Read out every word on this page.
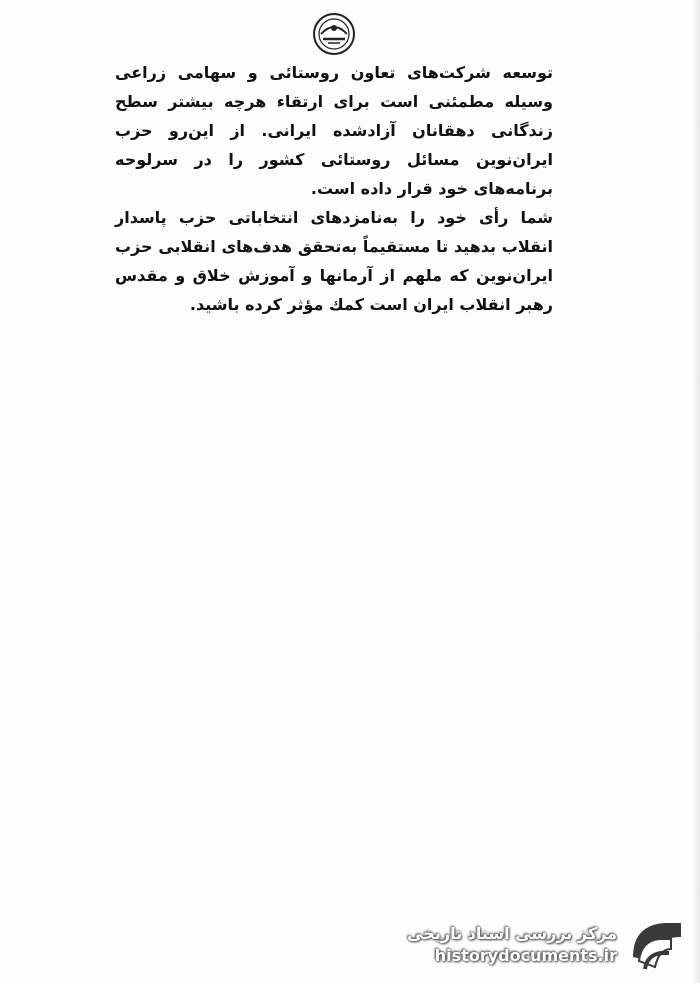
توسعه شرکت‌های تعاون روستائی و سهامی زراعی وسیله مطمئنی است برای ارتقاء هرچه بیشتر سطح زندگانی دهقانان آزادشده ایرانی. از این‌رو حزب ایران‌نوین مسائل روستائی کشور را در سرلوحه برنامه‌های خود قرار داده است.

شما رأی خود را به‌نامزدهای انتخاباتی حزب پاسدار انقلاب بدهید تا مستقیماً به‌تحقق هدف‌های انقلابی حزب ایران‌نوین که ملهم از آرمانها و آموزش خلاق و مقدس رهبر انقلاب ایران است کمك مؤثر کرده باشید.

مرکز بررسی اسناد تاریخی
historydocuments.ir
